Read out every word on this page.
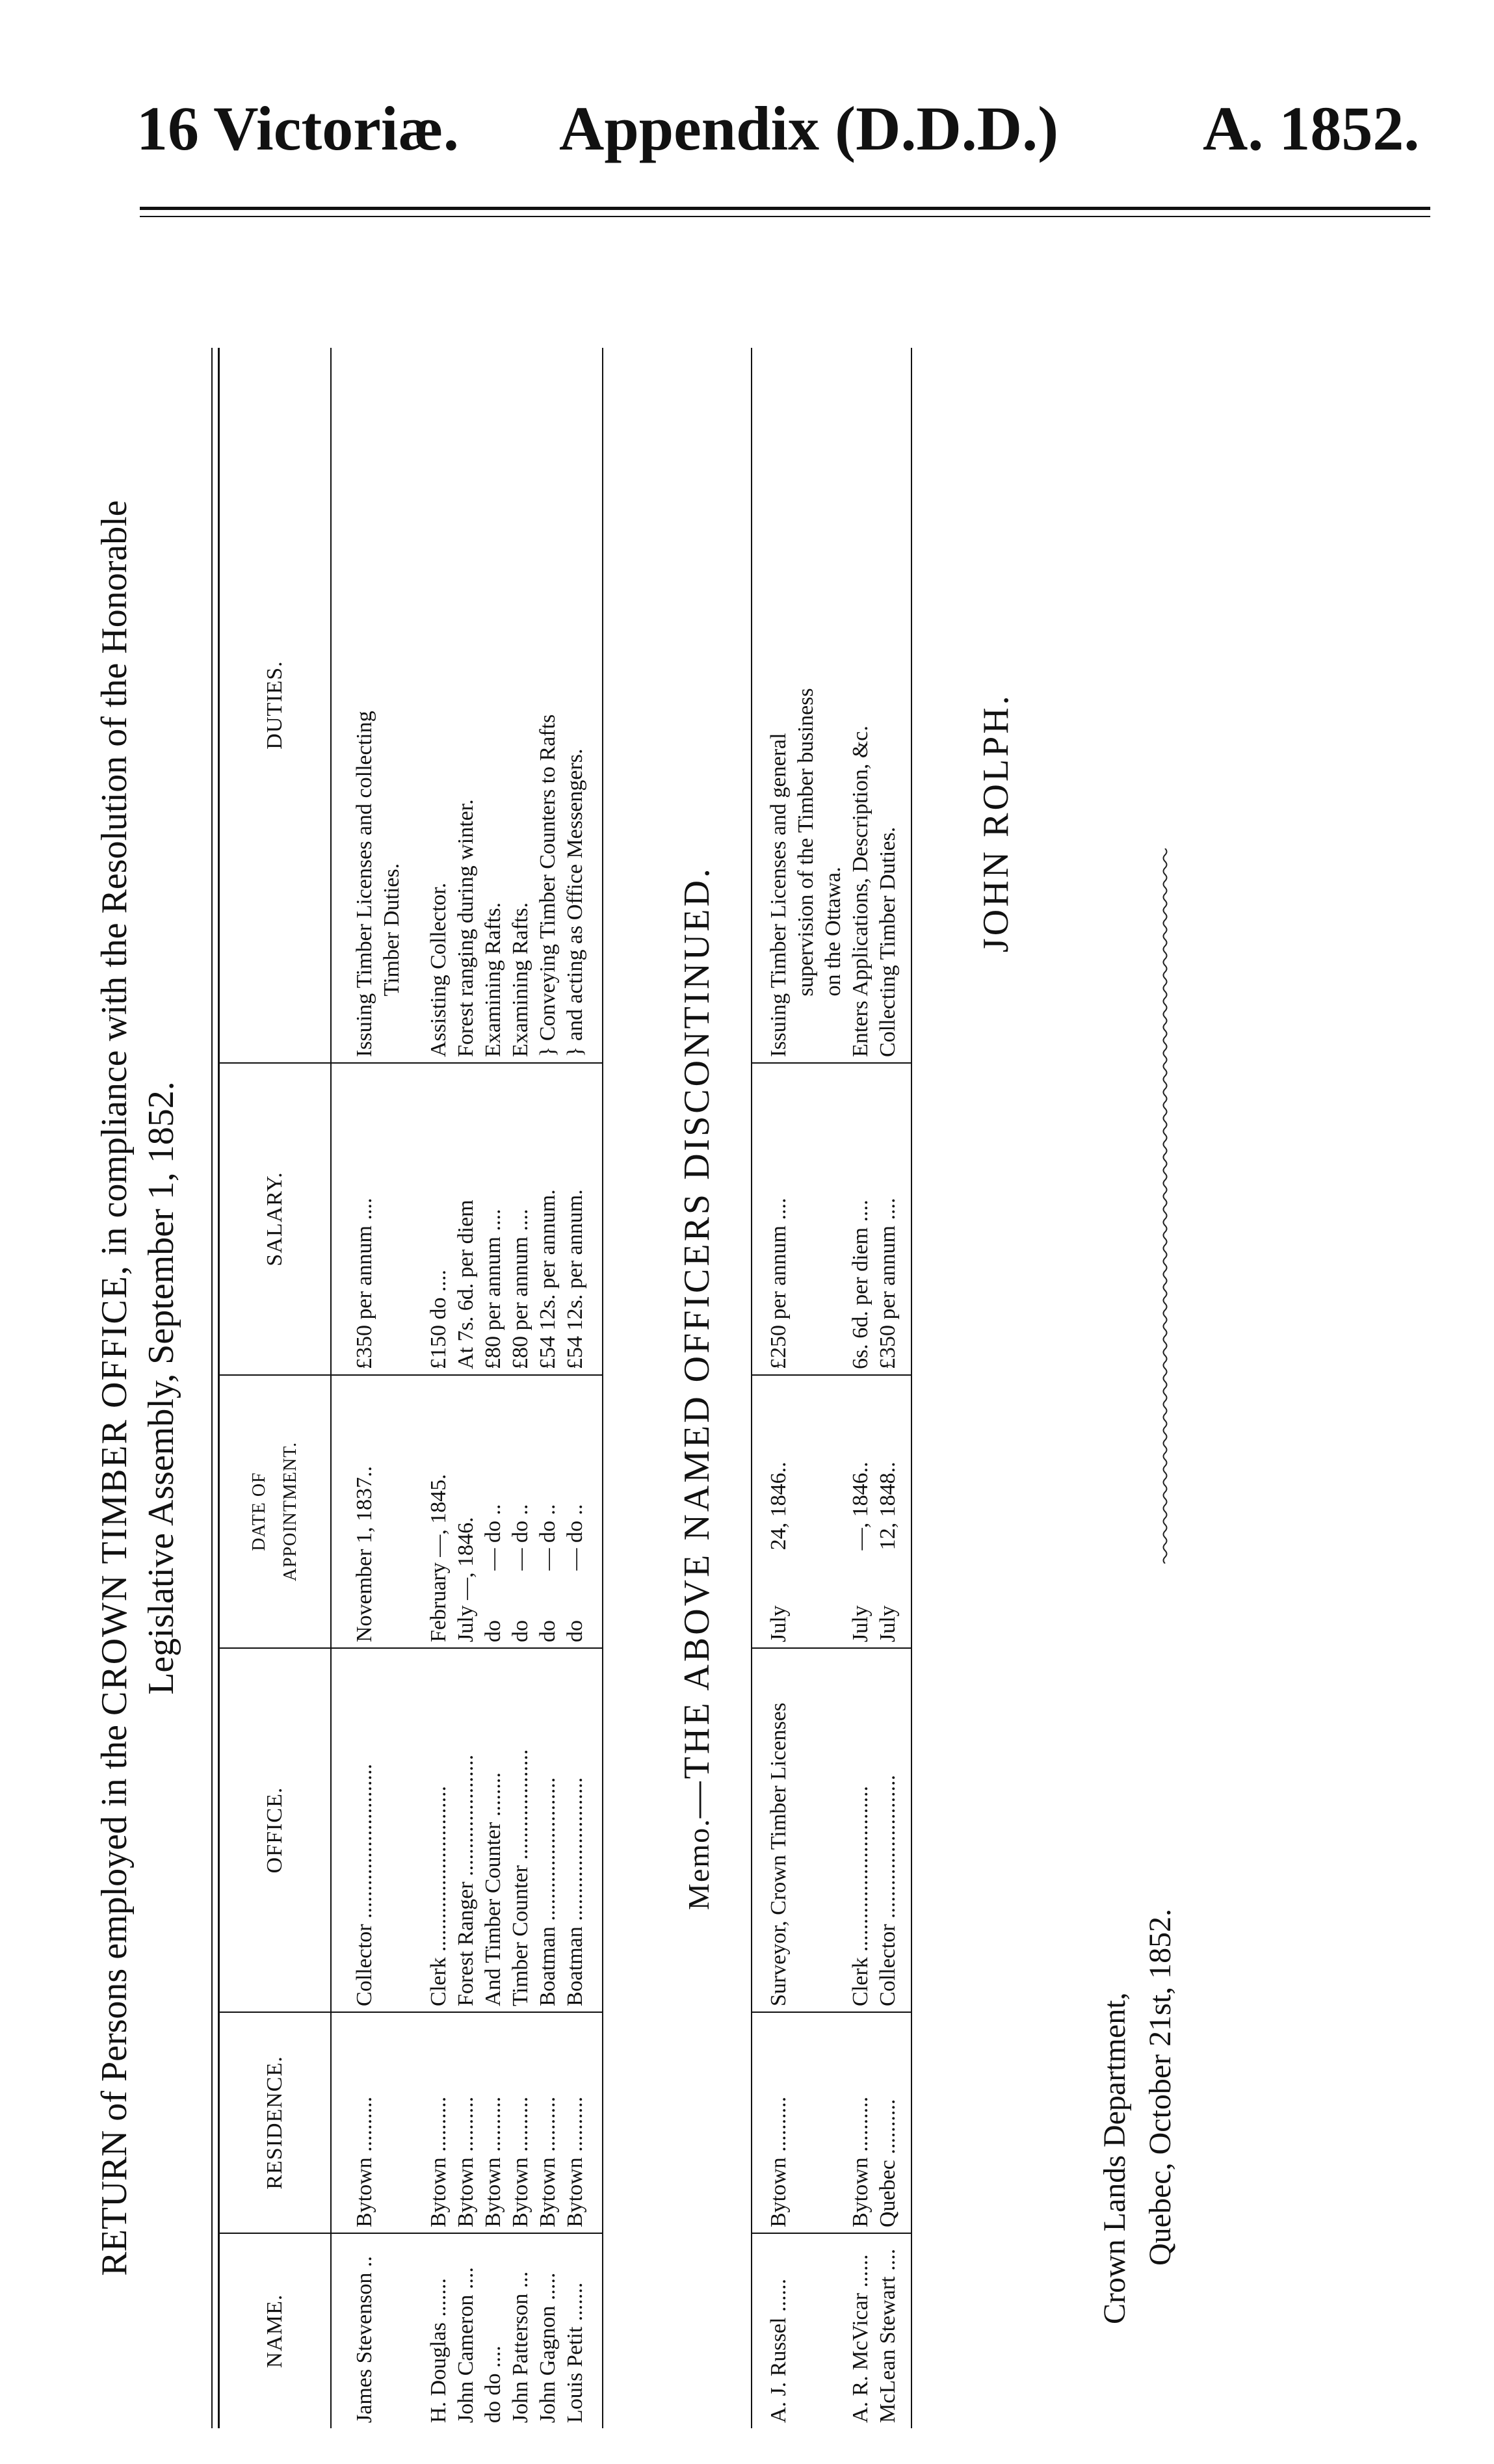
16 Victoriæ. Appendix (D.D.D.) A. 1852.
RETURN of Persons employed in the CROWN TIMBER OFFICE, in compliance with the Resolution of the Honorable
Legislative Assembly, September 1, 1852.
NAME.	RESIDENCE.	OFFICE.	DATE OF APPOINTMENT.	SALARY.	DUTIES.
James Stevenson ..	Bytown ..........	Collector ............................	November 1, 1837..	£350 per annum ....	Issuing Timber Licenses and collecting Timber Duties.
H. Douglas .......	Bytown ..........	Clerk ..............................	February —, 1845.	£150 do ....	Assisting Collector.
John Cameron ....	Bytown ..........	Forest Ranger ......................	July —, 1846.	At 7s. 6d. per diem	Forest ranging during winter.
do do ....	Bytown ..........	And Timber Counter ........	do         — do ..	£80 per annum ....	Examining Rafts.
John Patterson ...	Bytown ..........	Timber Counter ....................	do         — do ..	£80 per annum ....	Examining Rafts.
John Gagnon .....	Bytown ..........	Boatman ..........................	do         — do ..	£54 12s. per annum.	} Conveying Timber Counters to Rafts
Louis Petit .......	Bytown ..........	Boatman ..........................	do         — do ..	£54 12s. per annum.	} and acting as Office Messengers.

Memo.—THE ABOVE NAMED OFFICERS DISCONTINUED.
A. J. Russel ......	Bytown ..........	Surveyor, Crown Timber Licenses	July          24, 1846..	£250 per annum ....	Issuing Timber Licenses and general supervision of the Timber business on the Ottawa.
A. R. McVicar ......	Bytown ..........	Clerk ..............................	July          —, 1846..	6s. 6d. per diem ....	Enters Applications, Description, &c.
McLean Stewart ....	Quebec ..........	Collector ..........................	July          12, 1848..	£350 per annum ....	Collecting Timber Duties. JOHN ROLPH.
Crown Lands Department, Quebec, October 21st, 1852.
